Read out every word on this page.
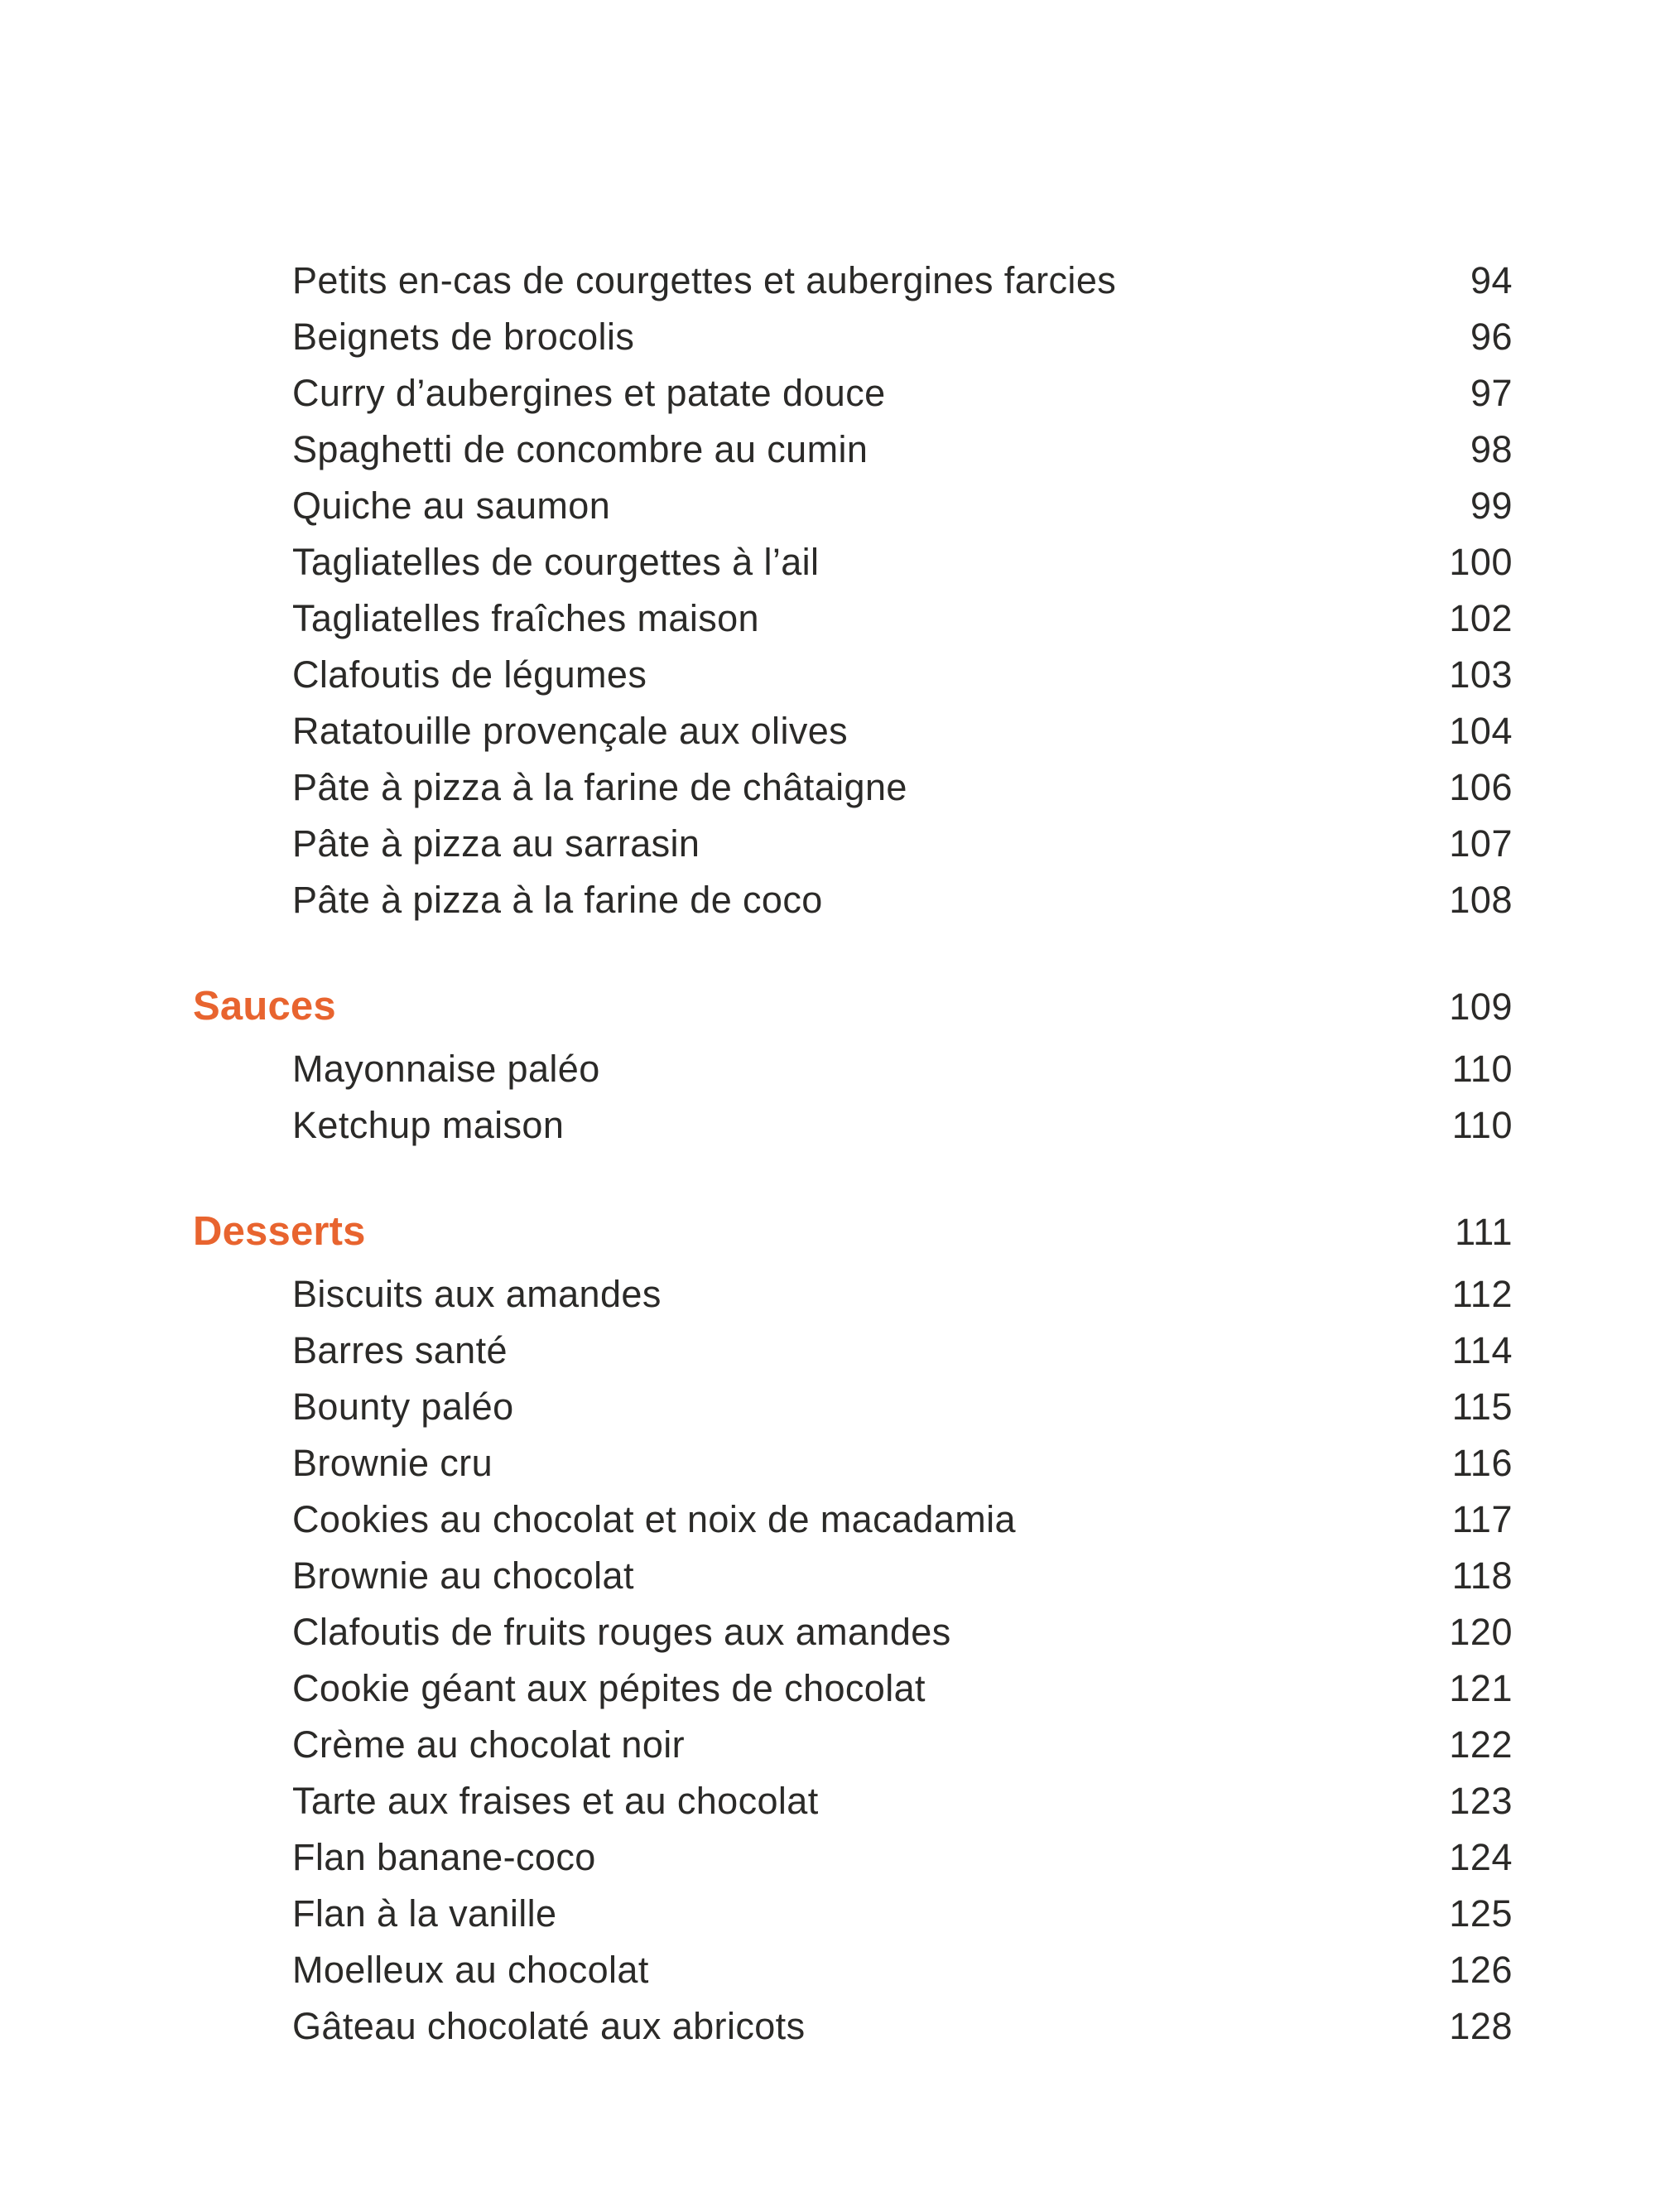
Petits en-cas de courgettes et aubergines farcies	94
Beignets de brocolis	96
Curry d’aubergines et patate douce	97
Spaghetti de concombre au cumin	98
Quiche au saumon	99
Tagliatelles de courgettes à l’ail	100
Tagliatelles fraîches maison	102
Clafoutis de légumes	103
Ratatouille provençale aux olives	104
Pâte à pizza à la farine de châtaigne	106
Pâte à pizza au sarrasin	107
Pâte à pizza à la farine de coco	108
Sauces	109
Mayonnaise paléo	110
Ketchup maison	110
Desserts	111
Biscuits aux amandes	112
Barres santé	114
Bounty paléo	115
Brownie cru	116
Cookies au chocolat et noix de macadamia	117
Brownie au chocolat	118
Clafoutis de fruits rouges aux amandes	120
Cookie géant aux pépites de chocolat	121
Crème au chocolat noir	122
Tarte aux fraises et au chocolat	123
Flan banane-coco	124
Flan à la vanille	125
Moelleux au chocolat	126
Gâteau chocolaté aux abricots	128
